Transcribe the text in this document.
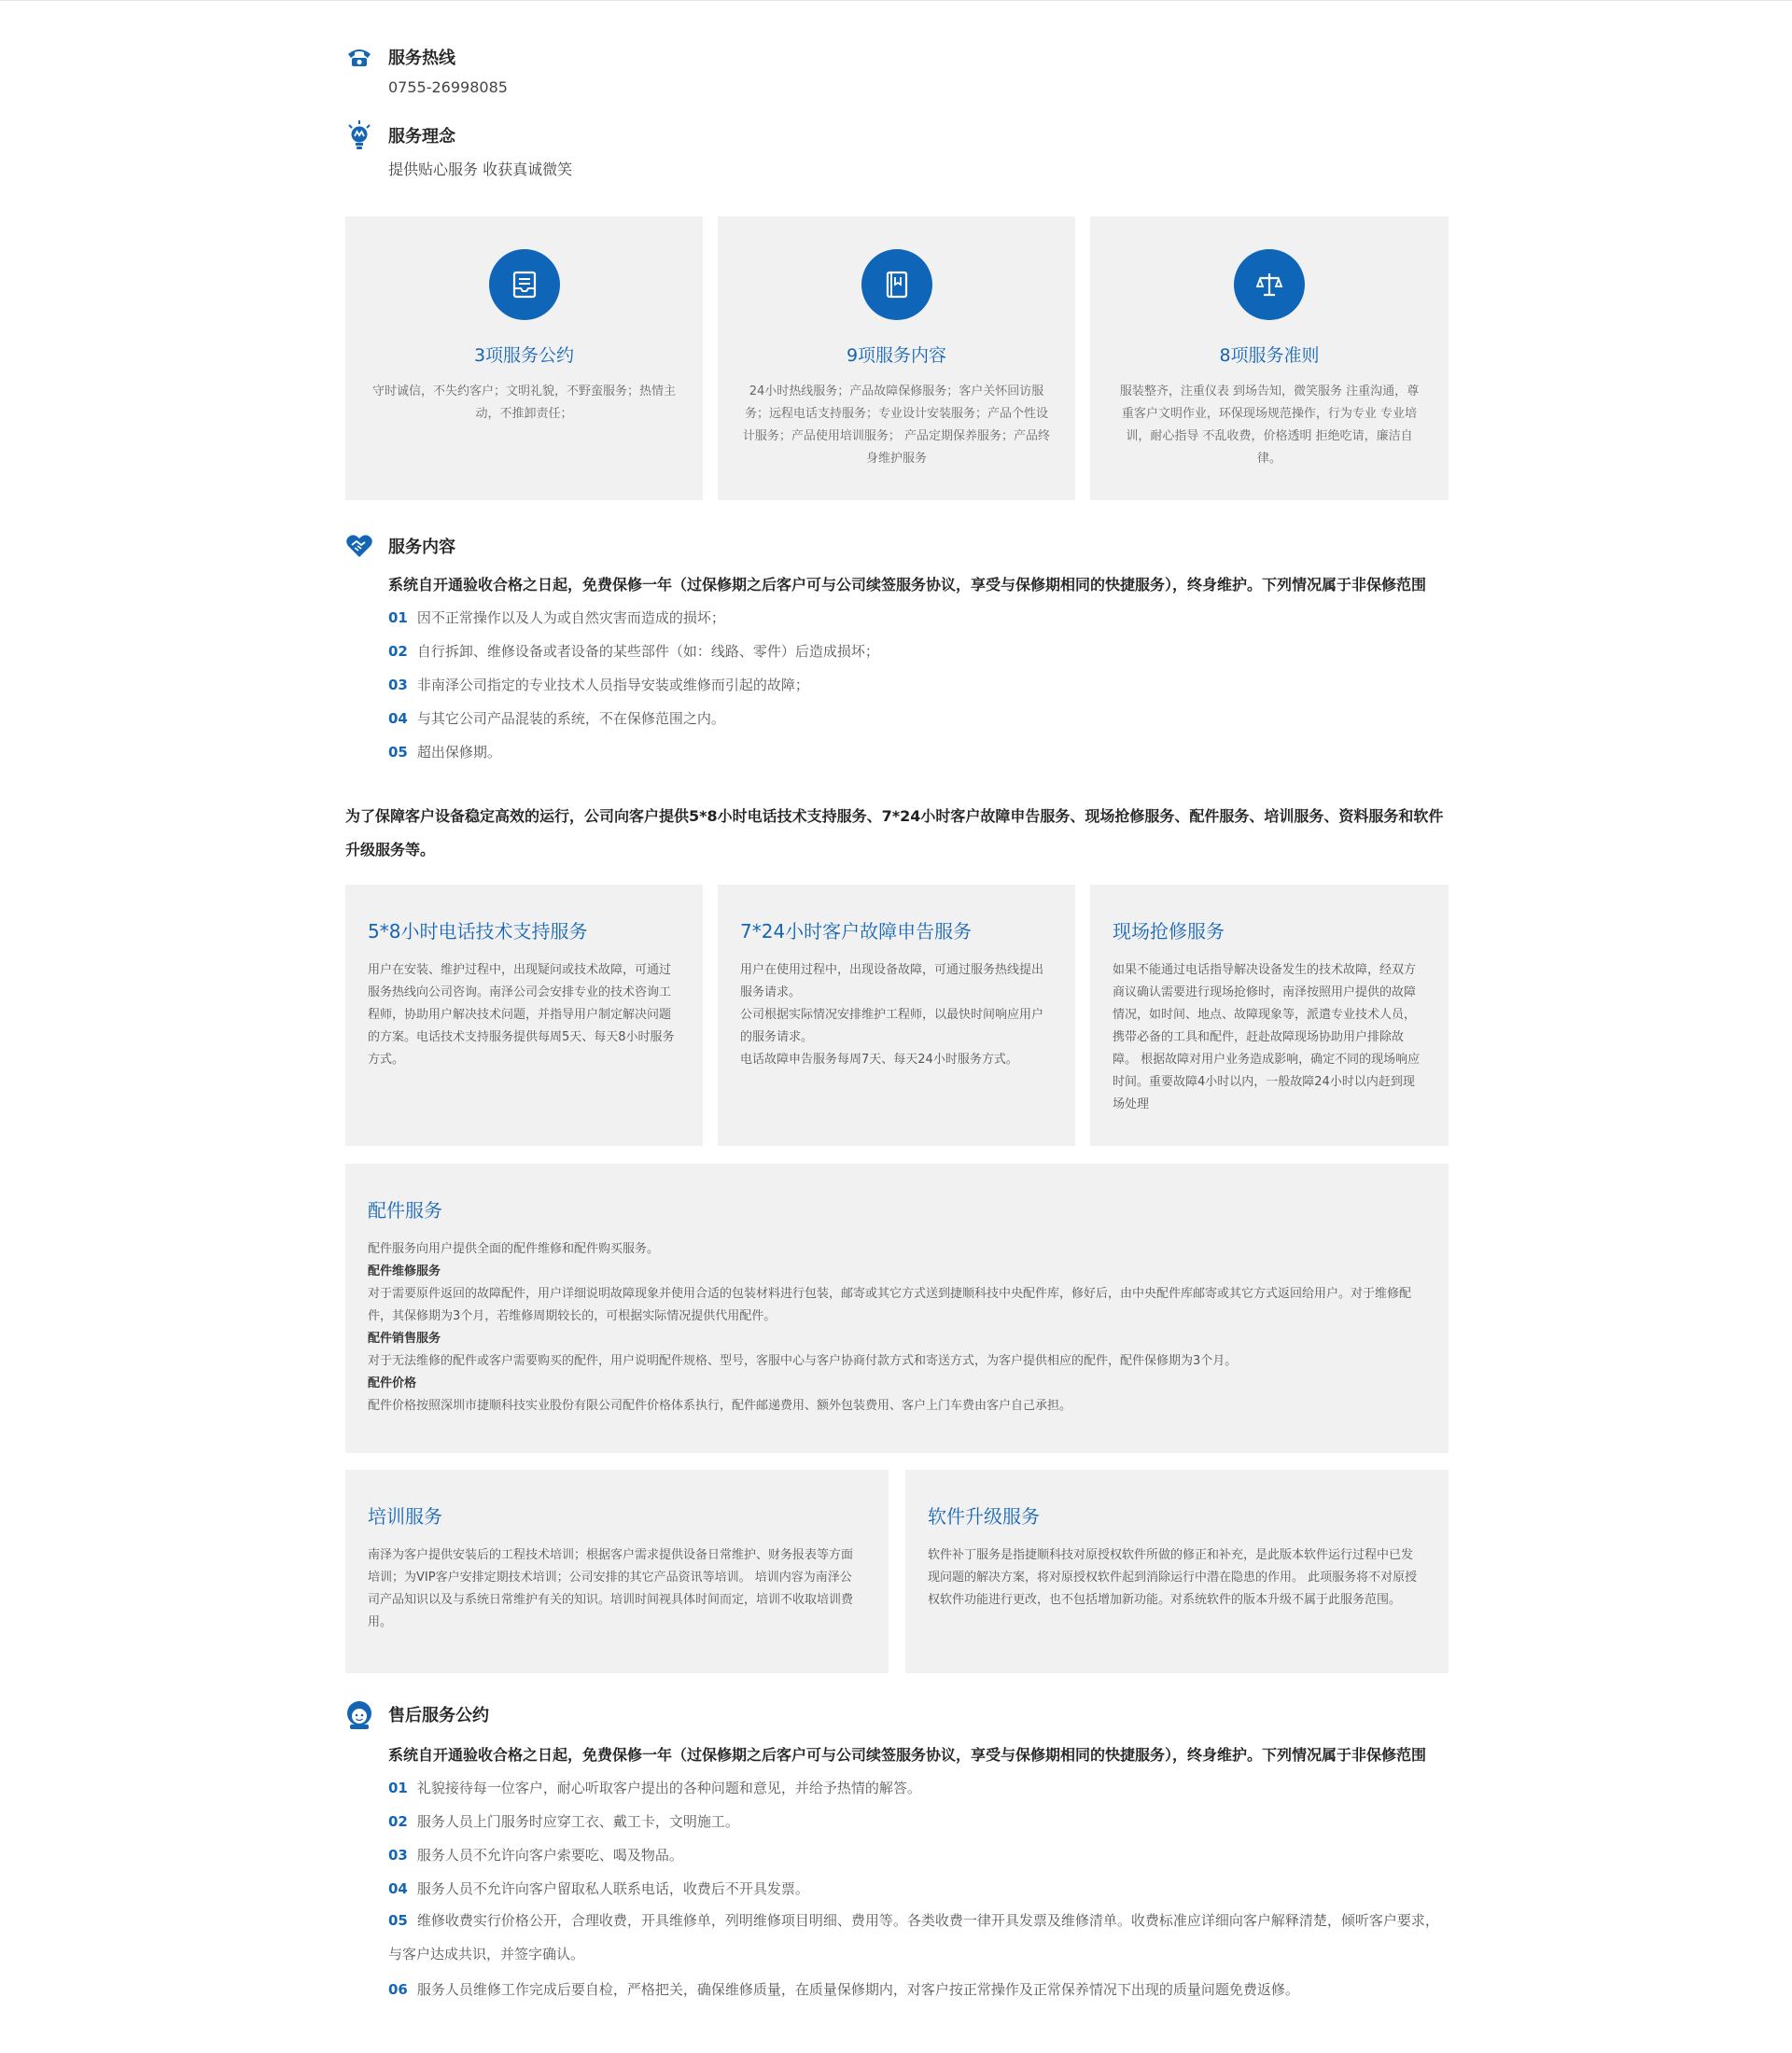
服务热线
0755-26998085
服务理念
提供贴心服务 收获真诚微笑
3项服务公约
守时诚信，不失约客户；文明礼貌，不野蛮服务；热情主动，不推卸责任；
9项服务内容
24小时热线服务；产品故障保修服务；客户关怀回访服务；远程电话支持服务；专业设计安装服务；产品个性设计服务；产品使用培训服务； 产品定期保养服务；产品终身维护服务
8项服务准则
服装整齐，注重仪表 到场告知，微笑服务 注重沟通，尊重客户文明作业，环保现场规范操作，行为专业 专业培训，耐心指导 不乱收费，价格透明 拒绝吃请，廉洁自律。
服务内容
系统自开通验收合格之日起，免费保修一年（过保修期之后客户可与公司续签服务协议，享受与保修期相同的快捷服务），终身维护。下列情况属于非保修范围
01 因不正常操作以及人为或自然灾害而造成的损坏；
02 自行拆卸、维修设备或者设备的某些部件（如：线路、零件）后造成损坏；
03 非南泽公司指定的专业技术人员指导安装或维修而引起的故障；
04 与其它公司产品混装的系统，不在保修范围之内。
05 超出保修期。
为了保障客户设备稳定高效的运行，公司向客户提供5*8小时电话技术支持服务、7*24小时客户故障申告服务、现场抢修服务、配件服务、培训服务、资料服务和软件升级服务等。
5*8小时电话技术支持服务
用户在安装、维护过程中，出现疑问或技术故障，可通过服务热线向公司咨询。南泽公司会安排专业的技术咨询工程师，协助用户解决技术问题，并指导用户制定解决问题的方案。电话技术支持服务提供每周5天、每天8小时服务方式。
7*24小时客户故障申告服务
用户在使用过程中，出现设备故障，可通过服务热线提出服务请求。
公司根据实际情况安排维护工程师，以最快时间响应用户的服务请求。
电话故障申告服务每周7天、每天24小时服务方式。
现场抢修服务
如果不能通过电话指导解决设备发生的技术故障，经双方商议确认需要进行现场抢修时，南泽按照用户提供的故障　情况，如时间、地点、故障现象等，派遣专业技术人员，携带必备的工具和配件，赶赴故障现场协助用户排除故障。 根据故障对用户业务造成影响，确定不同的现场响应时间。重要故障4小时以内，一般故障24小时以内赶到现场处理
配件服务
配件服务向用户提供全面的配件维修和配件购买服务。
配件维修服务
对于需要原件返回的故障配件，用户详细说明故障现象并使用合适的包装材料进行包装，邮寄或其它方式送到捷顺科技中央配件库，修好后，由中央配件库邮寄或其它方式返回给用户。对于维修配件，其保修期为3个月，若维修周期较长的，可根据实际情况提供代用配件。
配件销售服务
对于无法维修的配件或客户需要购买的配件，用户说明配件规格、型号，客服中心与客户协商付款方式和寄送方式，为客户提供相应的配件，配件保修期为3个月。
配件价格
配件价格按照深圳市捷顺科技实业股份有限公司配件价格体系执行，配件邮递费用、额外包装费用、客户上门车费由客户自己承担。
培训服务
南泽为客户提供安装后的工程技术培训；根据客户需求提供设备日常维护、财务报表等方面培训；为VIP客户安排定期技术培训；公司安排的其它产品资讯等培训。 培训内容为南泽公司产品知识以及与系统日常维护有关的知识。培训时间视具体时间而定，培训不收取培训费用。
软件升级服务
软件补丁服务是指捷顺科技对原授权软件所做的修正和补充，是此版本软件运行过程中已发现问题的解决方案，将对原授权软件起到消除运行中潜在隐患的作用。 此项服务将不对原授权软件功能进行更改，也不包括增加新功能。对系统软件的版本升级不属于此服务范围。
售后服务公约
系统自开通验收合格之日起，免费保修一年（过保修期之后客户可与公司续签服务协议，享受与保修期相同的快捷服务），终身维护。下列情况属于非保修范围
01 礼貌接待每一位客户，耐心听取客户提出的各种问题和意见，并给予热情的解答。
02 服务人员上门服务时应穿工衣、戴工卡，文明施工。
03 服务人员不允许向客户索要吃、喝及物品。
04 服务人员不允许向客户留取私人联系电话，收费后不开具发票。
05 维修收费实行价格公开，合理收费，开具维修单，列明维修项目明细、费用等。各类收费一律开具发票及维修清单。收费标准应详细向客户解释清楚，倾听客户要求，与客户达成共识，并签字确认。
06 服务人员维修工作完成后要自检，严格把关，确保维修质量，在质量保修期内，对客户按正常操作及正常保养情况下出现的质量问题免费返修。
